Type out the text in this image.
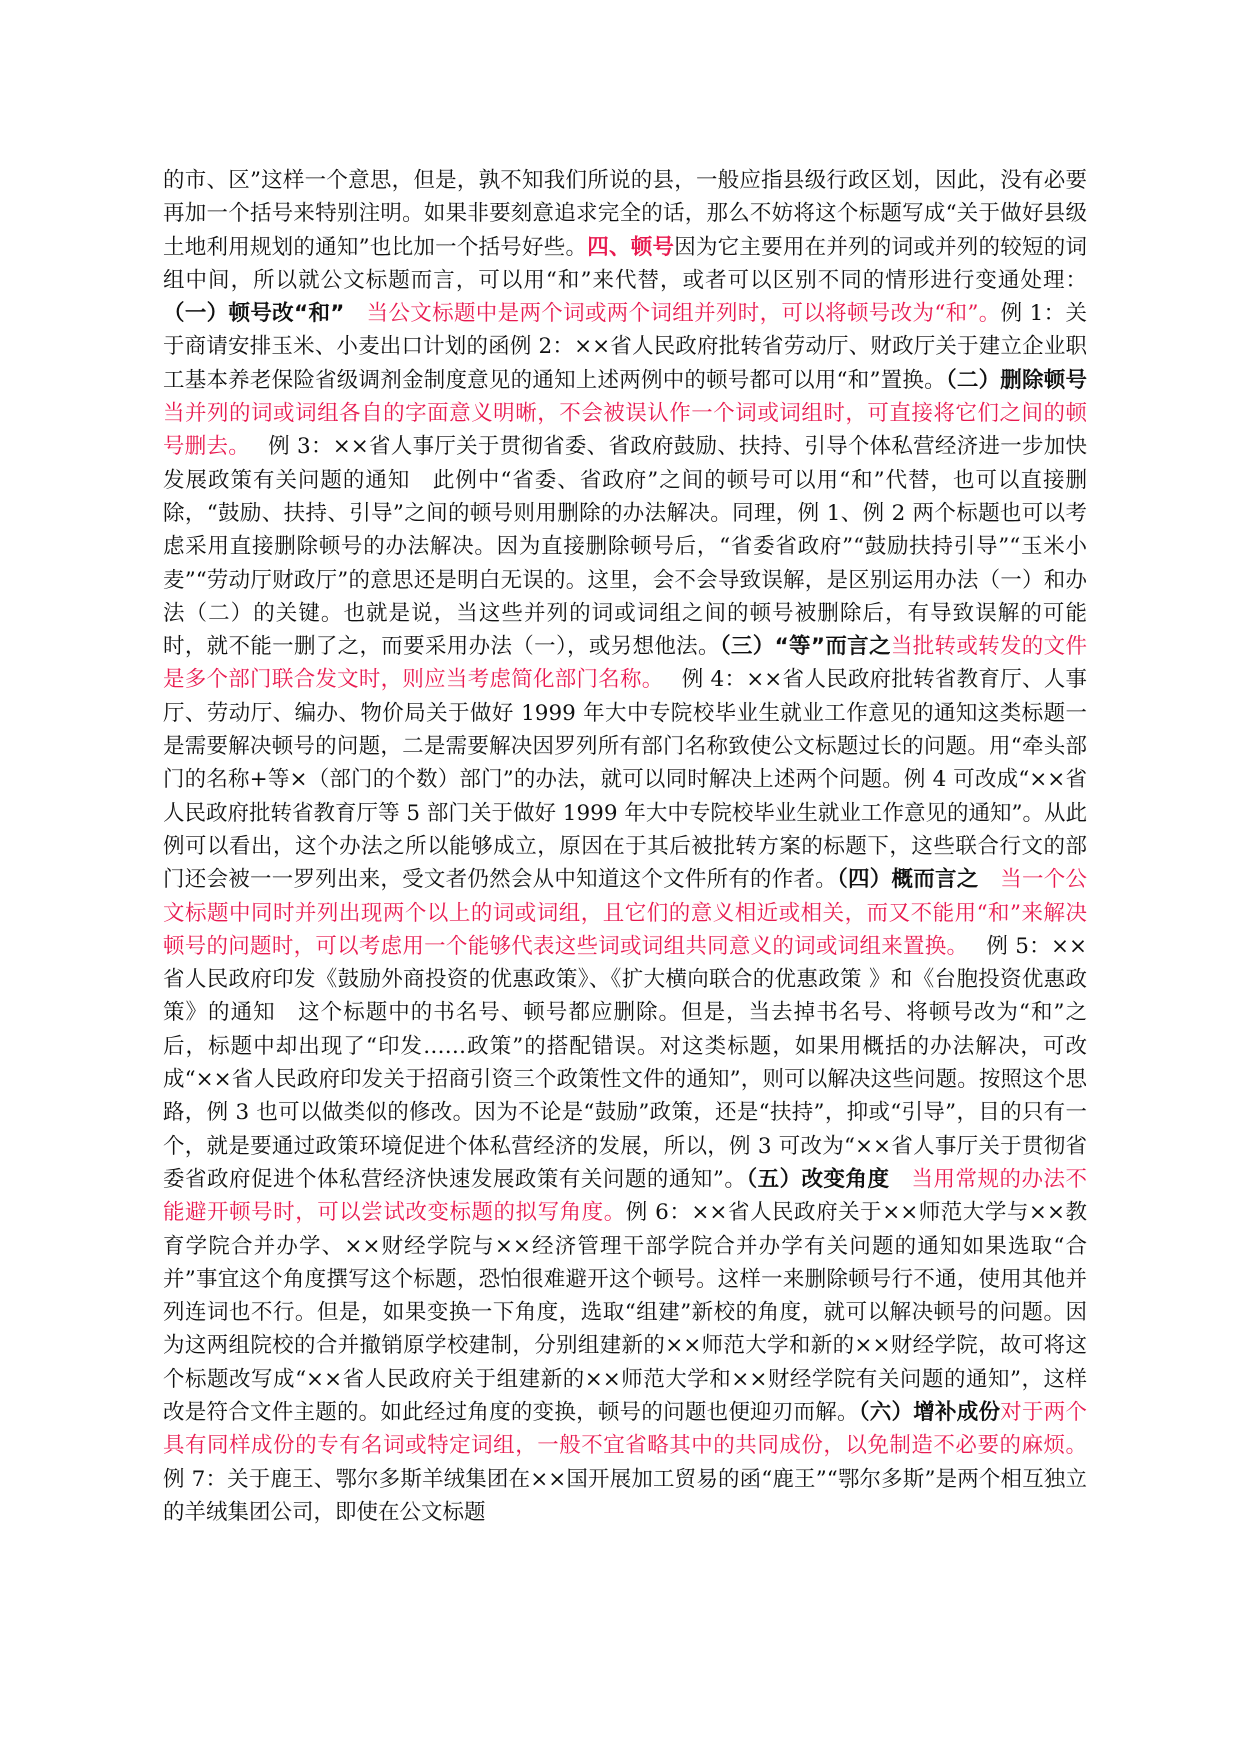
的市、区”这样一个意思，但是，孰不知我们所说的县，一般应指县级行政区划，因此，没有必要再加一个括号来特别注明。如果非要刻意追求完全的话，那么不妨将这个标题写成“关于做好县级土地利用规划的通知”也比加一个括号好些。四、顿号因为它主要用在并列的词或并列的较短的词组中间，所以就公文标题而言，可以用“和”来代替，或者可以区别不同的情形进行变通处理：（一）顿号改“和”　当公文标题中是两个词或两个词组并列时，可以将顿号改为“和”。例 1：关于商请安排玉米、小麦出口计划的函例 2：××省人民政府批转省劳动厅、财政厅关于建立企业职工基本养老保险省级调剂金制度意见的通知上述两例中的顿号都可以用“和”置换。（二）删除顿号当并列的词或词组各自的字面意义明晰，不会被误认作一个词或词组时，可直接将它们之间的顿号删去。　 例 3：××省人事厅关于贯彻省委、省政府鼓励、扶持、引导个体私营经济进一步加快发展政策有关问题的通知　此例中“省委、省政府”之间的顿号可以用“和”代替，也可以直接删除，“鼓励、扶持、引导”之间的顿号则用删除的办法解决。同理，例 1、例 2 两个标题也可以考虑采用直接删除顿号的办法解决。因为直接删除顿号后，“省委省政府”“鼓励扶持引导”“玉米小麦”“劳动厅财政厅”的意思还是明白无误的。这里，会不会导致误解，是区别运用办法（一）和办法（二）的关键。也就是说，当这些并列的词或词组之间的顿号被删除后，有导致误解的可能时，就不能一删了之，而要采用办法（一），或另想他法。（三）“等”而言之当批转或转发的文件是多个部门联合发文时，则应当考虑简化部门名称。　 例 4：××省人民政府批转省教育厅、人事厅、劳动厅、编办、物价局关于做好 1999 年大中专院校毕业生就业工作意见的通知这类标题一是需要解决顿号的问题，二是需要解决因罗列所有部门名称致使公文标题过长的问题。用“牵头部门的名称+等×（部门的个数）部门”的办法，就可以同时解决上述两个问题。例 4 可改成“××省人民政府批转省教育厅等 5 部门关于做好 1999 年大中专院校毕业生就业工作意见的通知”。从此例可以看出，这个办法之所以能够成立，原因在于其后被批转方案的标题下，这些联合行文的部门还会被一一罗列出来，受文者仍然会从中知道这个文件所有的作者。（四）概而言之　当一个公文标题中同时并列出现两个以上的词或词组，且它们的意义相近或相关，而又不能用“和”来解决顿号的问题时，可以考虑用一个能够代表这些词或词组共同意义的词或词组来置换。　 例 5：××省人民政府印发《鼓励外商投资的优惠政策》、《扩大横向联合的优惠政策 》和《台胞投资优惠政策》的通知　这个标题中的书名号、顿号都应删除。但是，当去掉书名号、将顿号改为“和”之后，标题中却出现了“印发……政策”的搭配错误。对这类标题，如果用概括的办法解决，可改成“××省人民政府印发关于招商引资三个政策性文件的通知”，则可以解决这些问题。按照这个思路，例 3 也可以做类似的修改。因为不论是“鼓励”政策，还是“扶持”，抑或“引导”，目的只有一个，就是要通过政策环境促进个体私营经济的发展，所以，例 3 可改为“××省人事厅关于贯彻省委省政府促进个体私营经济快速发展政策有关问题的通知”。（五）改变角度　当用常规的办法不能避开顿号时，可以尝试改变标题的拟写角度。例 6：××省人民政府关于××师范大学与××教育学院合并办学、××财经学院与××经济管理干部学院合并办学有关问题的通知如果选取“合并”事宜这个角度撰写这个标题，恐怕很难避开这个顿号。这样一来删除顿号行不通，使用其他并列连词也不行。但是，如果变换一下角度，选取“组建”新校的角度，就可以解决顿号的问题。因为这两组院校的合并撤销原学校建制，分别组建新的××师范大学和新的××财经学院，故可将这个标题改写成“××省人民政府关于组建新的××师范大学和××财经学院有关问题的通知”，这样改是符合文件主题的。如此经过角度的变换，顿号的问题也便迎刃而解。（六）增补成份对于两个具有同样成份的专有名词或特定词组，一般不宜省略其中的共同成份，以免制造不必要的麻烦。例 7：关于鹿王、鄂尔多斯羊绒集团在××国开展加工贸易的函“鹿王”“鄂尔多斯”是两个相互独立的羊绒集团公司，即使在公文标题
